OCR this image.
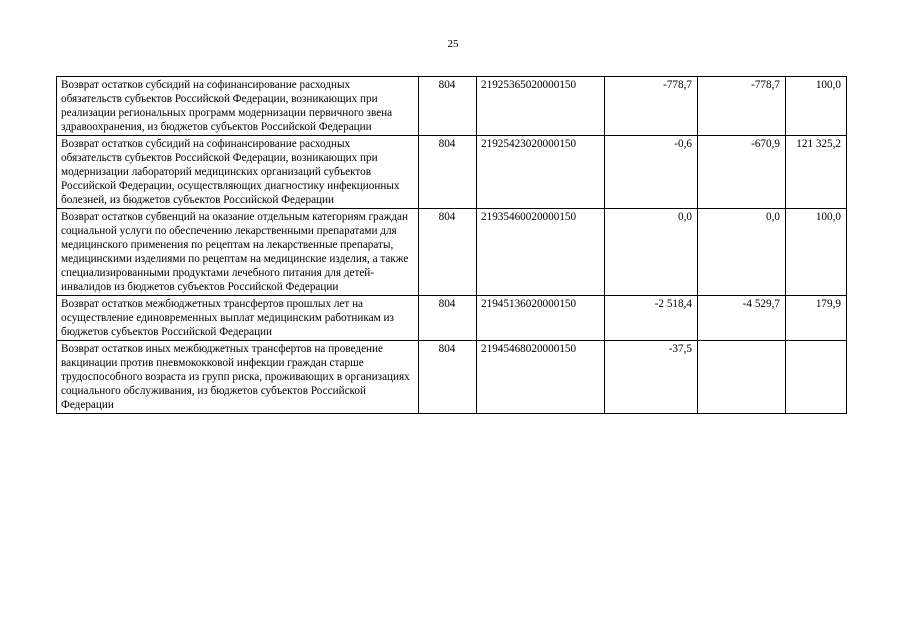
25
Возврат остатков субсидий на софинансирование расходных обязательств субъектов Российской Федерации, возникающих при реализации региональных программ модернизации первичного звена здравоохранения, из бюджетов субъектов Российской Федерации	804	21925365020000150	-778,7	-778,7	100,0
Возврат остатков субсидий на софинансирование расходных обязательств субъектов Российской Федерации, возникающих при модернизации лабораторий медицинских организаций субъектов Российской Федерации, осуществляющих диагностику инфекционных болезней, из бюджетов субъектов Российской Федерации	804	21925423020000150	-0,6	-670,9	121 325,2
Возврат остатков субвенций на оказание отдельным категориям граждан социальной услуги по обеспечению лекарственными препаратами для медицинского применения по рецептам на лекарственные препараты, медицинскими изделиями по рецептам на медицинские изделия, а также специализированными продуктами лечебного питания для детей-инвалидов из бюджетов субъектов Российской Федерации	804	21935460020000150	0,0	0,0	100,0
Возврат остатков межбюджетных трансфертов прошлых лет на осуществление единовременных выплат медицинским работникам из бюджетов субъектов Российской Федерации	804	21945136020000150	-2 518,4	-4 529,7	179,9
Возврат остатков иных межбюджетных трансфертов на проведение вакцинации против пневмококковой инфекции граждан старше трудоспособного возраста из групп риска, проживающих в организациях социального обслуживания, из бюджетов субъектов Российской Федерации	804	21945468020000150	-37,5		
